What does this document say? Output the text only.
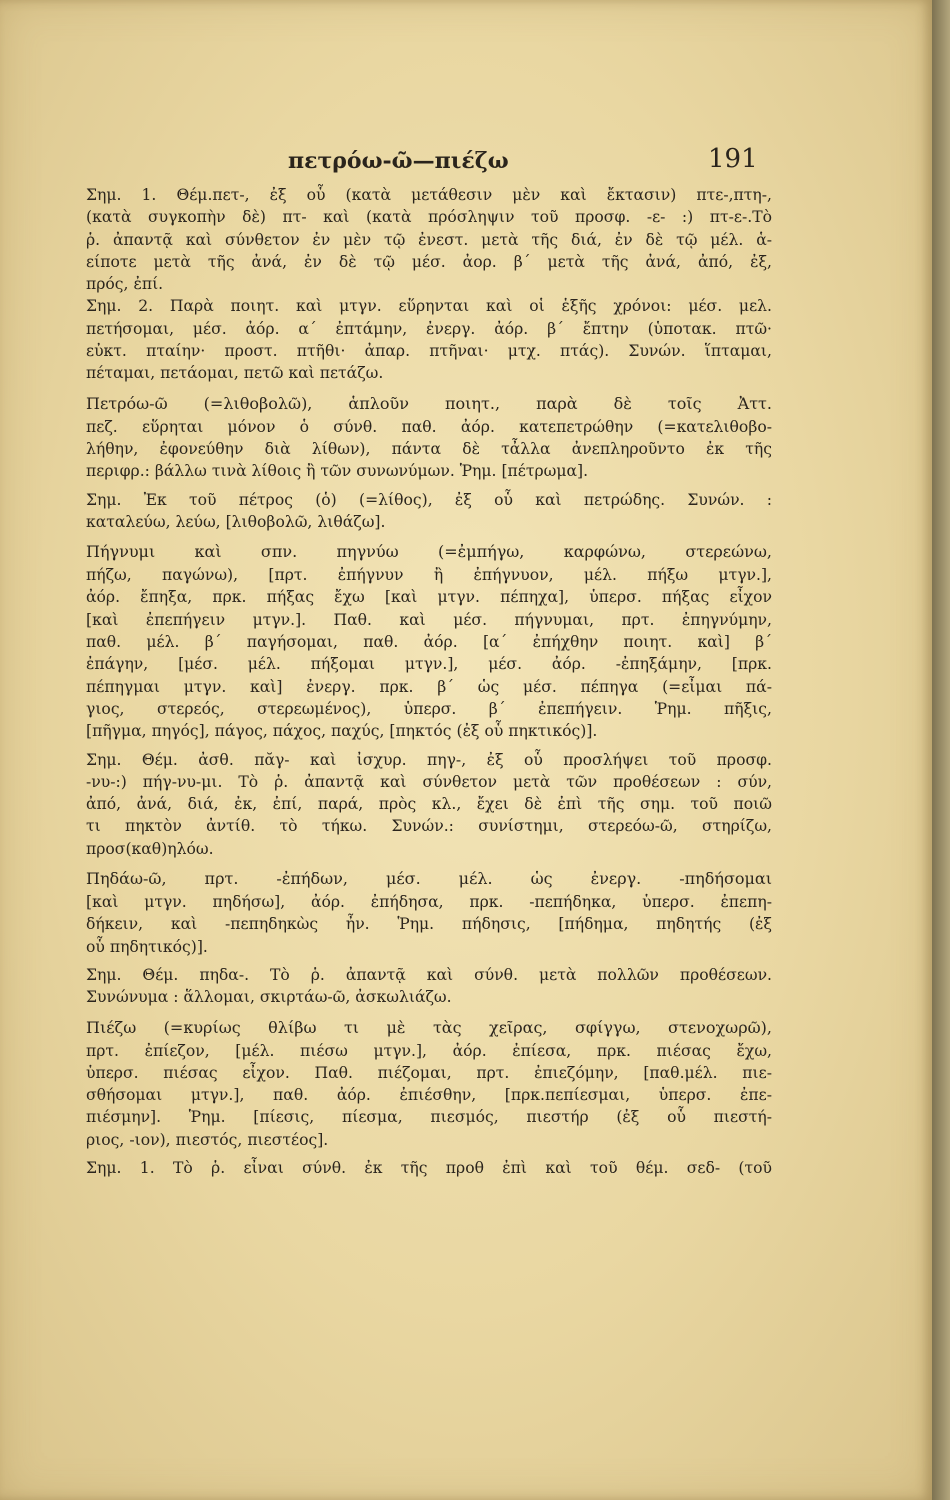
πετρόω-ῶ—πιέζω	191
Σημ. 1. Θέμ.πετ-, ἐξ οὗ (κατὰ μετάθεσιν μὲν καὶ ἔκτασιν) πτε-,πτη-,
(κατὰ συγκοπὴν δὲ) πτ- καὶ (κατὰ πρόσληψιν τοῦ προσφ. -ε- :) πτ-ε-.Τὸ
ῥ. ἀπαντᾷ καὶ σύνθετον ἐν μὲν τῷ ἐνεστ. μετὰ τῆς διά, ἐν δὲ τῷ μέλ. ἁ-
είποτε μετὰ τῆς ἀνά, ἐν δὲ τῷ μέσ. ἀορ. β΄ μετὰ τῆς ἀνά, ἀπό, ἐξ,
πρός, ἐπί.
Σημ. 2. Παρὰ ποιητ. καὶ μτγν. εὕρηνται καὶ οἱ ἑξῆς χρόνοι: μέσ. μελ.
πετήσομαι, μέσ. ἀόρ. α΄ ἐπτάμην, ἐνεργ. ἀόρ. β΄ ἔπτην (ὑποτακ. πτῶ·
εὐκτ. πταίην· προστ. πτῆθι· ἀπαρ. πτῆναι· μτχ. πτάς). Συνών. ἵπταμαι,
πέταμαι, πετάομαι, πετῶ καὶ πετάζω.
Πετρόω-ῶ (=λιθοβολῶ), ἁπλοῦν ποιητ., παρὰ δὲ τοῖς Ἀττ.
πεζ. εὕρηται μόνον ὁ σύνθ. παθ. ἀόρ. κατεπετρώθην (=κατελιθοβο-
λήθην, ἐφονεύθην διὰ λίθων), πάντα δὲ τἆλλα ἀνεπληροῦντο ἐκ τῆς
περιφρ.: βάλλω τινὰ λίθοις ἢ τῶν συνωνύμων. Ῥημ. [πέτρωμα].
Σημ. Ἐκ τοῦ πέτρος (ὁ) (=λίθος), ἐξ οὗ καὶ πετρώδης. Συνών. :
καταλεύω, λεύω, [λιθοβολῶ, λιθάζω].
Πήγνυμι καὶ σπν. πηγνύω (=ἐμπήγω, καρφώνω, στερεώνω,
πήζω, παγώνω), [πρτ. ἐπήγνυν ἢ ἐπήγνυον, μέλ. πήξω μτγν.],
ἀόρ. ἔπηξα, πρκ. πήξας ἔχω [καὶ μτγν. πέπηχα], ὑπερσ. πήξας εἶχον
[καὶ ἐπεπήγειν μτγν.]. Παθ. καὶ μέσ. πήγνυμαι, πρτ. ἐπηγνύμην,
παθ. μέλ. β΄ παγήσομαι, παθ. ἀόρ. [α΄ ἐπήχθην ποιητ. καὶ] β΄
ἐπάγην, [μέσ. μέλ. πήξομαι μτγν.], μέσ. ἀόρ. -ἐπηξάμην, [πρκ.
πέπηγμαι μτγν. καὶ] ἐνεργ. πρκ. β΄ ὡς μέσ. πέπηγα (=εἶμαι πά-
γιος, στερεός, στερεωμένος), ὑπερσ. β΄ ἐπεπήγειν. Ῥημ. πῆξις,
[πῆγμα, πηγός], πάγος, πάχος, παχύς, [πηκτός (ἐξ οὗ πηκτικός)].
Σημ. Θέμ. ἀσθ. πᾰγ- καὶ ἰσχυρ. πηγ-, ἐξ οὗ προσλήψει τοῦ προσφ.
-νυ-:) πήγ-νυ-μι. Τὸ ῥ. ἀπαντᾷ καὶ σύνθετον μετὰ τῶν προθέσεων : σύν,
ἀπό, ἀνά, διά, ἐκ, ἐπί, παρά, πρὸς κλ., ἔχει δὲ ἐπὶ τῆς σημ. τοῦ ποιῶ
τι πηκτὸν ἀντίθ. τὸ τήκω. Συνών.: συνίστημι, στερεόω-ῶ, στηρίζω,
προσ(καθ)ηλόω.
Πηδάω-ῶ, πρτ. -ἐπήδων, μέσ. μέλ. ὡς ἐνεργ. -πηδήσομαι
[καὶ μτγν. πηδήσω], ἀόρ. ἐπήδησα, πρκ. -πεπήδηκα, ὑπερσ. ἐπεπη-
δήκειν, καὶ -πεπηδηκὼς ἦν. Ῥημ. πήδησις, [πήδημα, πηδητής (ἐξ
οὗ πηδητικός)].
Σημ. Θέμ. πηδα-. Τὸ ῥ. ἀπαντᾷ καὶ σύνθ. μετὰ πολλῶν προθέσεων.
Συνώνυμα : ἅλλομαι, σκιρτάω-ῶ, ἀσκωλιάζω.
Πιέζω (=κυρίως θλίβω τι μὲ τὰς χεῖρας, σφίγγω, στενοχωρῶ),
πρτ. ἐπίεζον, [μέλ. πιέσω μτγν.], ἀόρ. ἐπίεσα, πρκ. πιέσας ἔχω,
ὑπερσ. πιέσας εἶχον. Παθ. πιέζομαι, πρτ. ἐπιεζόμην, [παθ.μέλ. πιε-
σθήσομαι μτγν.], παθ. ἀόρ. ἐπιέσθην, [πρκ.πεπίεσμαι, ὑπερσ. ἐπε-
πιέσμην]. Ῥημ. [πίεσις, πίεσμα, πιεσμός, πιεστήρ (ἐξ οὗ πιεστή-
ριος, -ιον), πιεστός, πιεστέος].
Σημ. 1. Τὸ ῥ. εἶναι σύνθ. ἐκ τῆς προθ ἐπὶ καὶ τοῦ θέμ. σεδ- (τοῦ
